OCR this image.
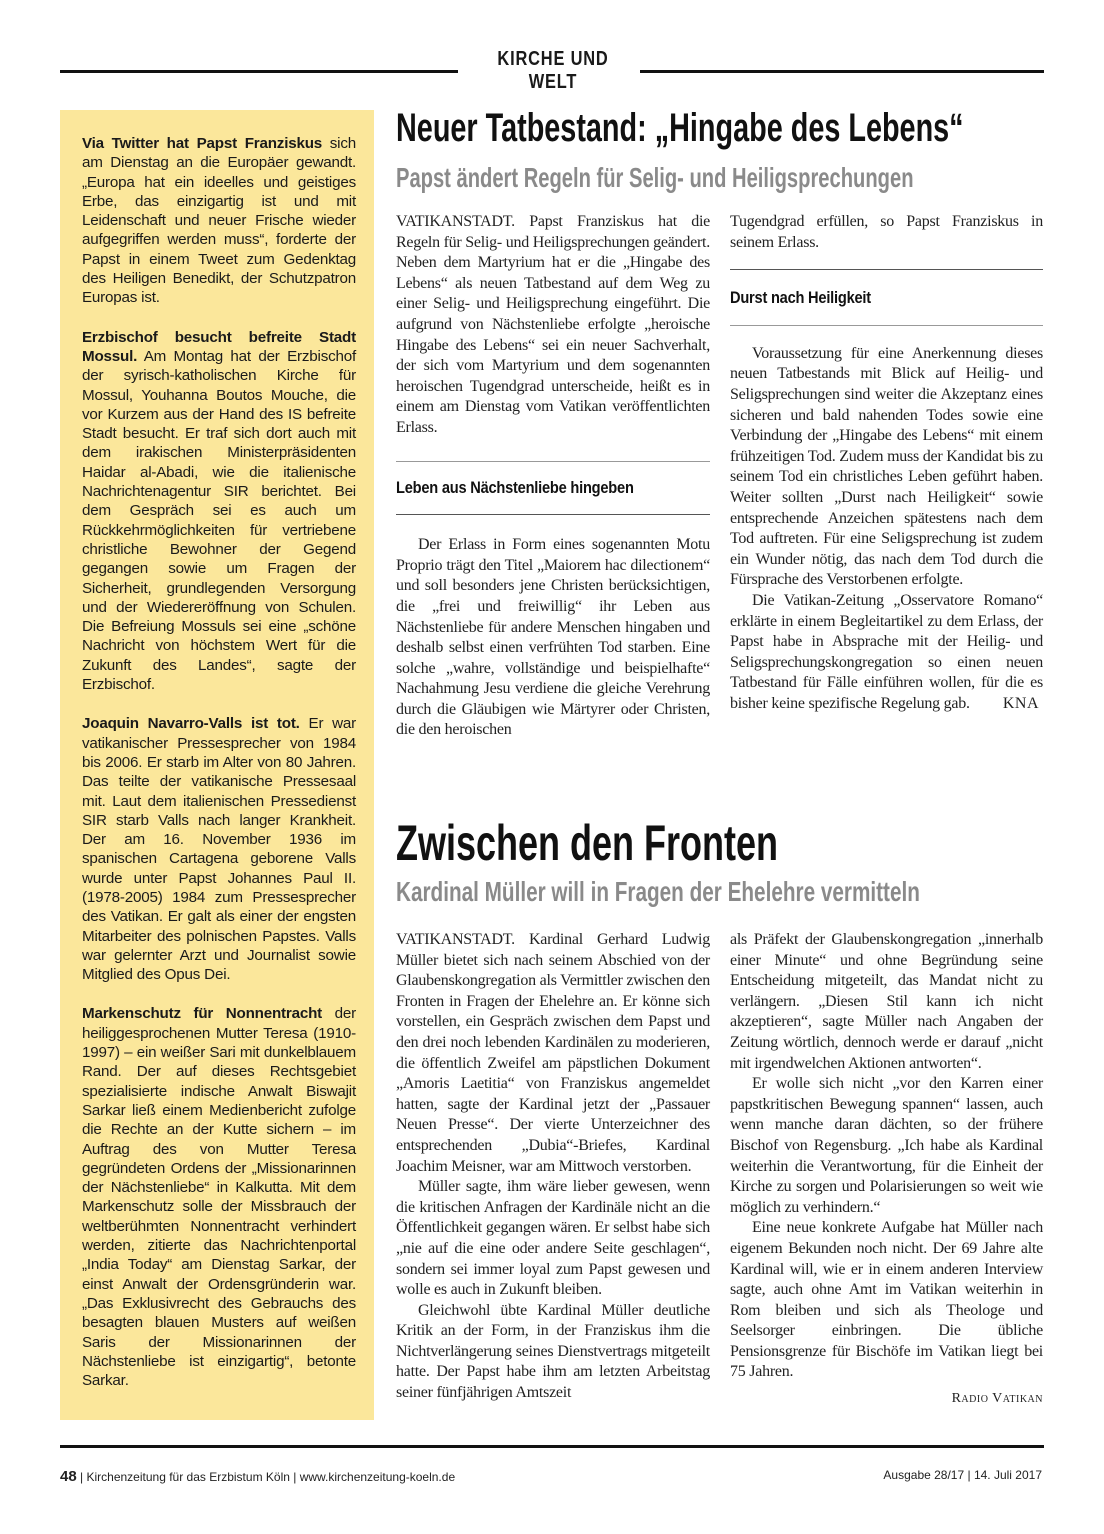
KIRCHE UND WELT

Via Twitter hat Papst Franziskus sich am Dienstag an die Europäer gewandt. „Europa hat ein ideelles und geistiges Erbe, das einzigartig ist und mit Leidenschaft und neuer Frische wieder aufgegriffen werden muss“, forderte der Papst in einem Tweet zum Gedenktag des Heiligen Benedikt, der Schutzpatron Europas ist.

Erzbischof besucht befreite Stadt Mossul. Am Montag hat der Erzbischof der syrisch-katholischen Kirche für Mossul, Youhanna Boutos Mouche, die vor Kurzem aus der Hand des IS befreite Stadt besucht. Er traf sich dort auch mit dem irakischen Ministerpräsidenten Haidar al-Abadi, wie die italienische Nachrichtenagentur SIR berichtet. Bei dem Gespräch sei es auch um Rückkehrmöglichkeiten für vertriebene christliche Bewohner der Gegend gegangen sowie um Fragen der Sicherheit, grundlegenden Versorgung und der Wiedereröffnung von Schulen. Die Befreiung Mossuls sei eine „schöne Nachricht von höchstem Wert für die Zukunft des Landes“, sagte der Erzbischof.

Joaquin Navarro-Valls ist tot. Er war vatikanischer Pressesprecher von 1984 bis 2006. Er starb im Alter von 80 Jahren. Das teilte der vatikanische Pressesaal mit. Laut dem italienischen Pressedienst SIR starb Valls nach langer Krankheit. Der am 16. November 1936 im spanischen Cartagena geborene Valls wurde unter Papst Johannes Paul II. (1978-2005) 1984 zum Pressesprecher des Vatikan. Er galt als einer der engsten Mitarbeiter des polnischen Papstes. Valls war gelernter Arzt und Journalist sowie Mitglied des Opus Dei.

Markenschutz für Nonnentracht der heiliggesprochenen Mutter Teresa (1910-1997) – ein weißer Sari mit dunkelblauem Rand. Der auf dieses Rechtsgebiet spezialisierte indische Anwalt Biswajit Sarkar ließ einem Medienbericht zufolge die Rechte an der Kutte sichern – im Auftrag des von Mutter Teresa gegründeten Ordens der „Missionarinnen der Nächstenliebe“ in Kalkutta. Mit dem Markenschutz solle der Missbrauch der weltberühmten Nonnentracht verhindert werden, zitierte das Nachrichtenportal „India Today“ am Dienstag Sarkar, der einst Anwalt der Ordensgründerin war. „Das Exklusivrecht des Gebrauchs des besagten blauen Musters auf weißen Saris der Missionarinnen der Nächstenliebe ist einzigartig“, betonte Sarkar.

Neuer Tatbestand: „Hingabe des Lebens“
Papst ändert Regeln für Selig- und Heiligsprechungen

VATIKANSTADT. Papst Franziskus hat die Regeln für Selig- und Heiligsprechungen geändert. Neben dem Martyrium hat er die „Hingabe des Lebens“ als neuen Tatbestand auf dem Weg zu einer Selig- und Heiligsprechung eingeführt. Die aufgrund von Nächstenliebe erfolgte „heroische Hingabe des Lebens“ sei ein neuer Sachverhalt, der sich vom Martyrium und dem sogenannten heroischen Tugendgrad unterscheide, heißt es in einem am Dienstag vom Vatikan veröffentlichten Erlass.

Leben aus Nächstenliebe hingeben

Der Erlass in Form eines sogenannten Motu Proprio trägt den Titel „Maiorem hac dilectionem“ und soll besonders jene Christen berücksichtigen, die „frei und freiwillig“ ihr Leben aus Nächstenliebe für andere Menschen hingaben und deshalb selbst einen verfrühten Tod starben. Eine solche „wahre, vollständige und beispielhafte“ Nachahmung Jesu verdiene die gleiche Verehrung durch die Gläubigen wie Märtyrer oder Christen, die den heroischen

Tugendgrad erfüllen, so Papst Franziskus in seinem Erlass.

Durst nach Heiligkeit

Voraussetzung für eine Anerkennung dieses neuen Tatbestands mit Blick auf Heilig- und Seligsprechungen sind weiter die Akzeptanz eines sicheren und bald nahenden Todes sowie eine Verbindung der „Hingabe des Lebens“ mit einem frühzeitigen Tod. Zudem muss der Kandidat bis zu seinem Tod ein christliches Leben geführt haben. Weiter sollten „Durst nach Heiligkeit“ sowie entsprechende Anzeichen spätestens nach dem Tod auftreten. Für eine Seligsprechung ist zudem ein Wunder nötig, das nach dem Tod durch die Fürsprache des Verstorbenen erfolgte.

Die Vatikan-Zeitung „Osservatore Romano“ erklärte in einem Begleitartikel zu dem Erlass, der Papst habe in Absprache mit der Heilig- und Seligsprechungskongregation so einen neuen Tatbestand für Fälle einführen wollen, für die es bisher keine spezifische Regelung gab.	KNA
Zwischen den Fronten
Kardinal Müller will in Fragen der Ehelehre vermitteln

VATIKANSTADT. Kardinal Gerhard Ludwig Müller bietet sich nach seinem Abschied von der Glaubenskongregation als Vermittler zwischen den Fronten in Fragen der Ehelehre an. Er könne sich vorstellen, ein Gespräch zwischen dem Papst und den drei noch lebenden Kardinälen zu moderieren, die öffentlich Zweifel am päpstlichen Dokument „Amoris Laetitia“ von Franziskus angemeldet hatten, sagte der Kardinal jetzt der „Passauer Neuen Presse“. Der vierte Unterzeichner des entsprechenden „Dubia“-Briefes, Kardinal Joachim Meisner, war am Mittwoch verstorben.

Müller sagte, ihm wäre lieber gewesen, wenn die kritischen Anfragen der Kardinäle nicht an die Öffentlichkeit gegangen wären. Er selbst habe sich „nie auf die eine oder andere Seite geschlagen“, sondern sei immer loyal zum Papst gewesen und wolle es auch in Zukunft bleiben.

Gleichwohl übte Kardinal Müller deutliche Kritik an der Form, in der Franziskus ihm die Nichtverlängerung seines Dienstvertrags mitgeteilt hatte. Der Papst habe ihm am letzten Arbeitstag seiner fünfjährigen Amtszeit

als Präfekt der Glaubenskongregation „innerhalb einer Minute“ und ohne Begründung seine Entscheidung mitgeteilt, das Mandat nicht zu verlängern. „Diesen Stil kann ich nicht akzeptieren“, sagte Müller nach Angaben der Zeitung wörtlich, dennoch werde er darauf „nicht mit irgendwelchen Aktionen antworten“.

Er wolle sich nicht „vor den Karren einer papstkritischen Bewegung spannen“ lassen, auch wenn manche daran dächten, so der frühere Bischof von Regensburg. „Ich habe als Kardinal weiterhin die Verantwortung, für die Einheit der Kirche zu sorgen und Polarisierungen so weit wie möglich zu verhindern.“

Eine neue konkrete Aufgabe hat Müller nach eigenem Bekunden noch nicht. Der 69 Jahre alte Kardinal will, wie er in einem anderen Interview sagte, auch ohne Amt im Vatikan weiterhin in Rom bleiben und sich als Theologe und Seelsorger einbringen. Die übliche Pensionsgrenze für Bischöfe im Vatikan liegt bei 75 Jahren.

Radio Vatikan
48 | Kirchenzeitung für das Erzbistum Köln | www.kirchenzeitung-koeln.de	Ausgabe 28/17 | 14. Juli 2017
